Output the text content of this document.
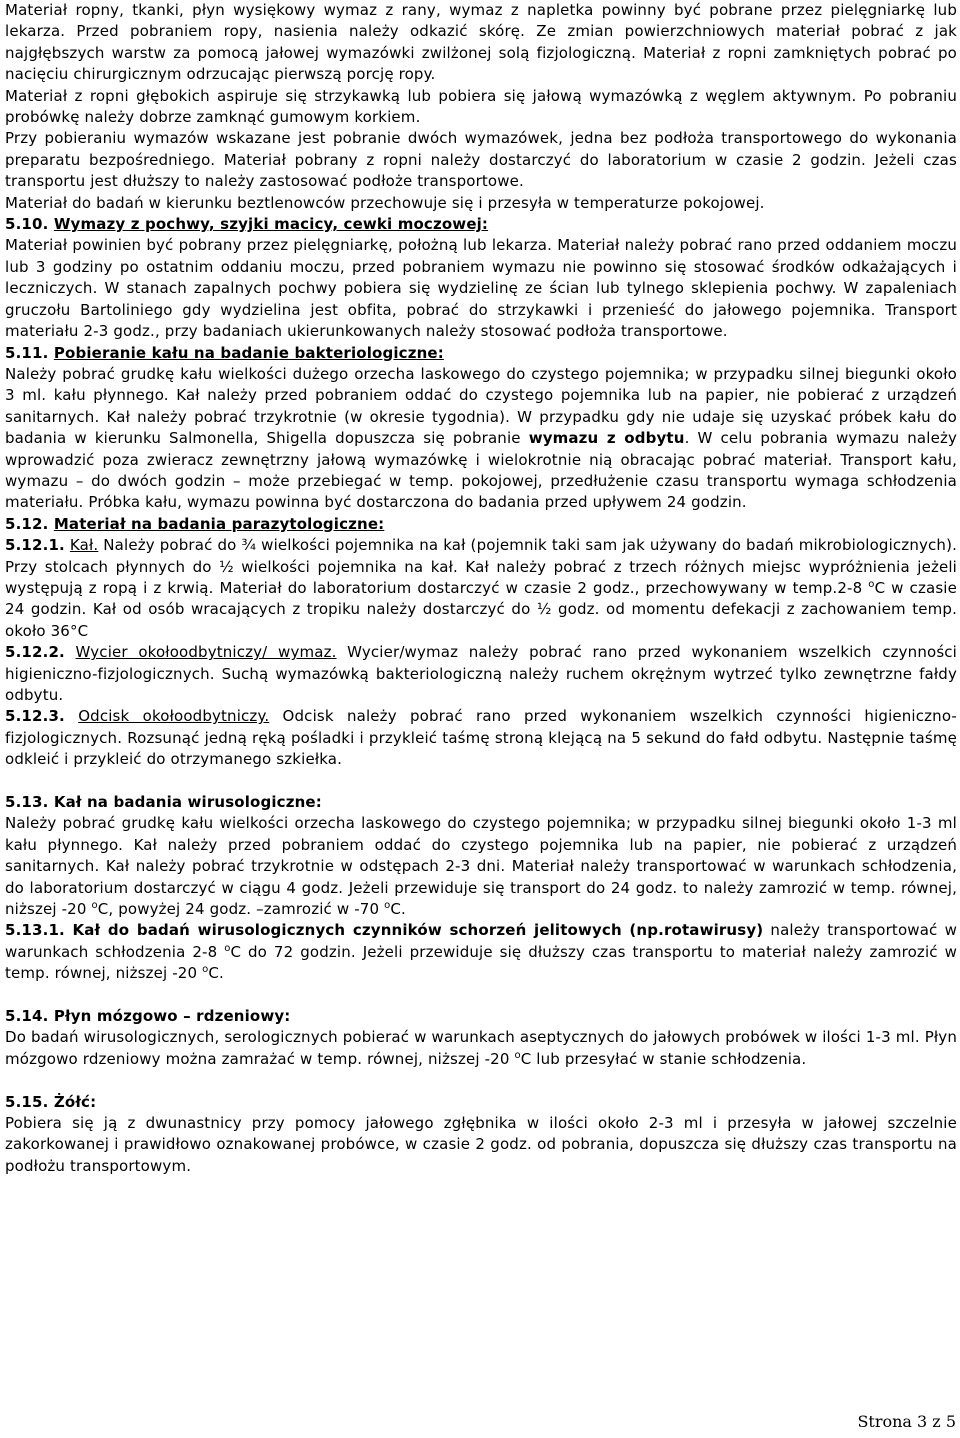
Materiał ropny, tkanki, płyn wysiękowy wymaz z rany, wymaz z napletka powinny być pobrane przez pielęgniarkę lub lekarza. Przed pobraniem ropy, nasienia należy odkazić skórę. Ze zmian powierzchniowych materiał pobrać z jak najgłębszych warstw za pomocą jałowej wymazówki zwilżonej solą fizjologiczną. Materiał z ropni zamkniętych pobrać po nacięciu chirurgicznym odrzucając pierwszą porcję ropy.

Materiał z ropni głębokich aspiruje się strzykawką lub pobiera się jałową wymazówką z węglem aktywnym. Po pobraniu probówkę należy dobrze zamknąć gumowym korkiem.

Przy pobieraniu wymazów wskazane jest pobranie dwóch wymazówek, jedna bez podłoża transportowego do wykonania preparatu bezpośredniego. Materiał pobrany z ropni należy dostarczyć do laboratorium w czasie 2 godzin. Jeżeli czas transportu jest dłuższy to należy zastosować podłoże transportowe.

Materiał do badań w kierunku beztlenowców przechowuje się i przesyła w temperaturze pokojowej.

5.10. Wymazy z pochwy, szyjki macicy, cewki moczowej:

Materiał powinien być pobrany przez pielęgniarkę, położną lub lekarza. Materiał należy pobrać rano przed oddaniem moczu lub 3 godziny po ostatnim oddaniu moczu, przed pobraniem wymazu nie powinno się stosować środków odkażających i leczniczych. W stanach zapalnych pochwy pobiera się wydzielinę ze ścian lub tylnego sklepienia pochwy. W zapaleniach gruczołu Bartoliniego gdy wydzielina jest obfita, pobrać do strzykawki i przenieść do jałowego pojemnika. Transport materiału 2-3 godz., przy badaniach ukierunkowanych należy stosować podłoża transportowe.

5.11. Pobieranie kału na badanie bakteriologiczne:

Należy pobrać grudkę kału wielkości dużego orzecha laskowego do czystego pojemnika; w przypadku silnej biegunki około 3 ml. kału płynnego. Kał należy przed pobraniem oddać do czystego pojemnika lub na papier, nie pobierać z urządzeń sanitarnych. Kał należy pobrać trzykrotnie (w okresie tygodnia). W przypadku gdy nie udaje się uzyskać próbek kału do badania w kierunku Salmonella, Shigella dopuszcza się pobranie wymazu z odbytu. W celu pobrania wymazu należy wprowadzić poza zwieracz zewnętrzny jałową wymazówkę i wielokrotnie nią obracając pobrać materiał. Transport kału, wymazu – do dwóch godzin – może przebiegać w temp. pokojowej, przedłużenie czasu transportu wymaga schłodzenia materiału. Próbka kału, wymazu powinna być dostarczona do badania przed upływem 24 godzin.

5.12. Materiał na badania parazytologiczne:

5.12.1. Kał. Należy pobrać do ¾ wielkości pojemnika na kał (pojemnik taki sam jak używany do badań mikrobiologicznych). Przy stolcach płynnych do ½ wielkości pojemnika na kał. Kał należy pobrać z trzech różnych miejsc wypróżnienia jeżeli występują z ropą i z krwią. Materiał do laboratorium dostarczyć w czasie 2 godz., przechowywany w temp.2-8 $^o$C w czasie 24 godzin. Kał od osób wracających z tropiku należy dostarczyć do ½ godz. od momentu defekacji z zachowaniem temp. około 36°C

5.12.2. Wycier okołoodbytniczy/ wymaz. Wycier/wymaz należy pobrać rano przed wykonaniem wszelkich czynności higieniczno-fizjologicznych. Suchą wymazówką bakteriologiczną należy ruchem okrężnym wytrzeć tylko zewnętrzne fałdy odbytu.

5.12.3. Odcisk okołoodbytniczy. Odcisk należy pobrać rano przed wykonaniem wszelkich czynności higieniczno-fizjologicznych. Rozsunąć jedną ręką pośladki i przykleić taśmę stroną klejącą na 5 sekund do fałd odbytu. Następnie taśmę odkleić i przykleić do otrzymanego szkiełka.

5.13. Kał na badania wirusologiczne:

Należy pobrać grudkę kału wielkości orzecha laskowego do czystego pojemnika; w przypadku silnej biegunki około 1-3 ml kału płynnego. Kał należy przed pobraniem oddać do czystego pojemnika lub na papier, nie pobierać z urządzeń sanitarnych. Kał należy pobrać trzykrotnie w odstępach 2-3 dni. Materiał należy transportować w warunkach schłodzenia, do laboratorium dostarczyć w ciągu 4 godz. Jeżeli przewiduje się transport do 24 godz. to należy zamrozić w temp. równej, niższej -20 $^o$C, powyżej 24 godz. –zamrozić w -70 $^o$C.

5.13.1. Kał do badań wirusologicznych czynników schorzeń jelitowych (np.rotawirusy) należy transportować w warunkach schłodzenia 2-8 $^o$C do 72 godzin. Jeżeli przewiduje się dłuższy czas transportu to materiał należy zamrozić w temp. równej, niższej -20 $^o$C.

5.14. Płyn mózgowo – rdzeniowy:

Do badań wirusologicznych, serologicznych pobierać w warunkach aseptycznych do jałowych probówek w ilości 1-3 ml. Płyn mózgowo rdzeniowy można zamrażać w temp. równej, niższej -20 $^o$C lub przesyłać w stanie schłodzenia.

5.15. Żółć:

Pobiera się ją z dwunastnicy przy pomocy jałowego zgłębnika w ilości około 2-3 ml i przesyła w jałowej szczelnie zakorkowanej i prawidłowo oznakowanej probówce, w czasie 2 godz. od pobrania, dopuszcza się dłuższy czas transportu na podłożu transportowym.

Strona 3 z 5
